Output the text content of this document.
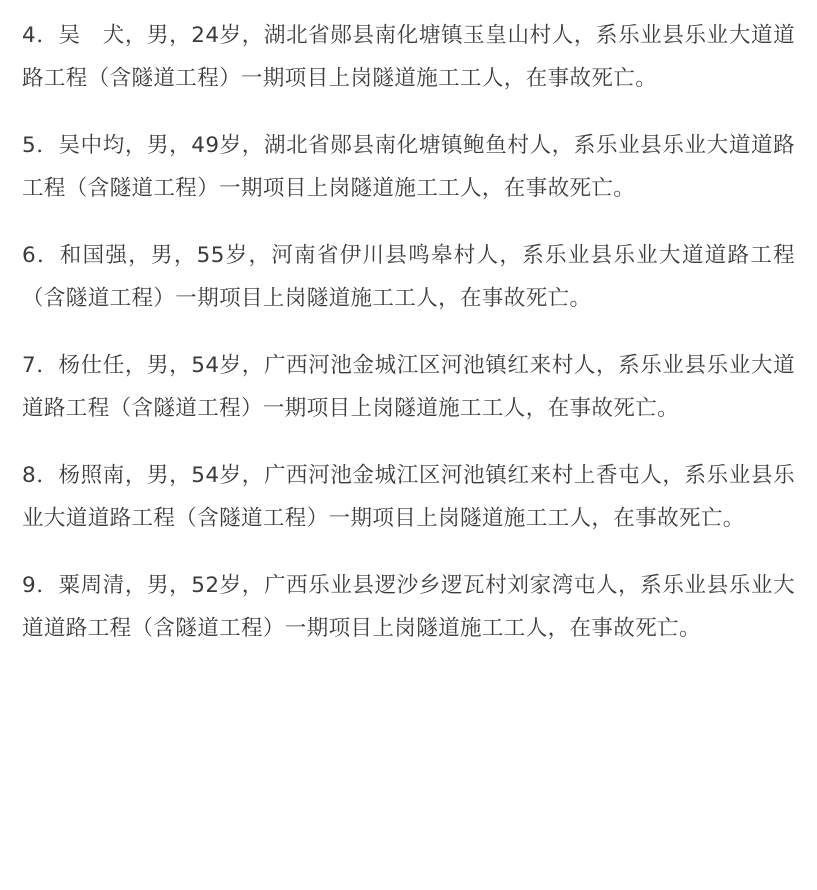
4．吴　犬，男，24岁，湖北省郧县南化塘镇玉皇山村人，系乐业县乐业大道道路工程（含隧道工程）一期项目上岗隧道施工工人，在事故死亡。

5．吴中均，男，49岁，湖北省郧县南化塘镇鲍鱼村人，系乐业县乐业大道道路工程（含隧道工程）一期项目上岗隧道施工工人，在事故死亡。

6．和国强，男，55岁，河南省伊川县鸣皋村人，系乐业县乐业大道道路工程（含隧道工程）一期项目上岗隧道施工工人，在事故死亡。

7．杨仕任，男，54岁，广西河池金城江区河池镇红来村人，系乐业县乐业大道道路工程（含隧道工程）一期项目上岗隧道施工工人，在事故死亡。

8．杨照南，男，54岁，广西河池金城江区河池镇红来村上香屯人，系乐业县乐业大道道路工程（含隧道工程）一期项目上岗隧道施工工人，在事故死亡。

9．粟周清，男，52岁，广西乐业县逻沙乡逻瓦村刘家湾屯人，系乐业县乐业大道道路工程（含隧道工程）一期项目上岗隧道施工工人，在事故死亡。
